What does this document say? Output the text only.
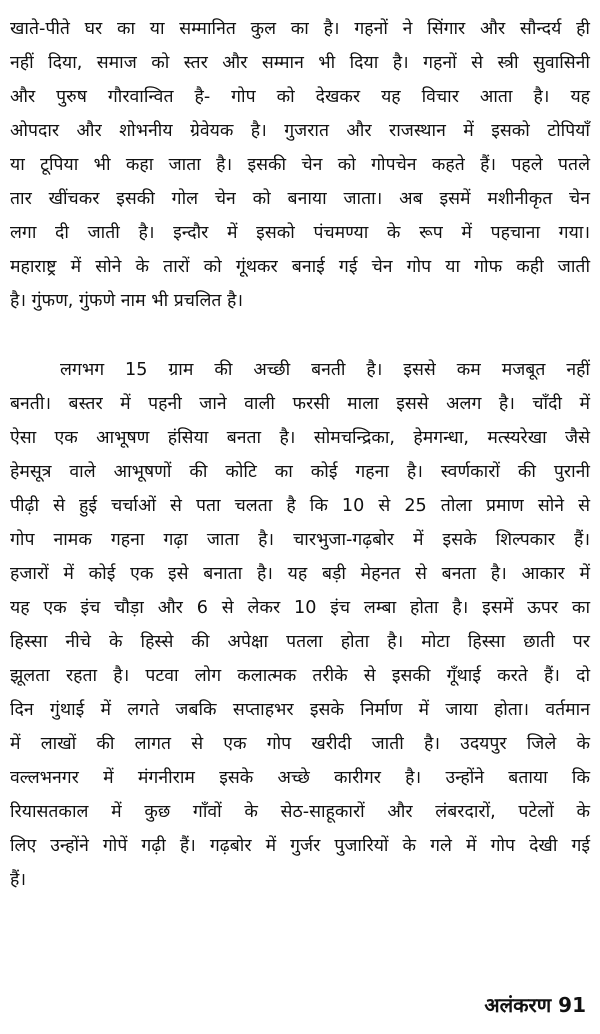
खाते-पीते घर का या सम्मानित कुल का है। गहनों ने सिंगार और सौन्दर्य ही
नहीं दिया, समाज को स्तर और सम्मान भी दिया है। गहनों से स्त्री सुवासिनी
और पुरुष गौरवान्वित है- गोप को देखकर यह विचार आता है। यह
ओपदार और शोभनीय ग्रेवेयक है। गुजरात और राजस्थान में इसको टोपियाँ
या टूपिया भी कहा जाता है। इसकी चेन को गोपचेन कहते हैं। पहले पतले
तार खींचकर इसकी गोल चेन को बनाया जाता। अब इसमें मशीनीकृत चेन
लगा दी जाती है। इन्दौर में इसको पंचमण्या के रूप में पहचाना गया।
महाराष्ट्र में सोने के तारों को गूंथकर बनाई गई चेन गोप या गोफ कही जाती
है। गुंफण, गुंफणे नाम भी प्रचलित है।
लगभग 15 ग्राम की अच्छी बनती है। इससे कम मजबूत नहीं
बनती। बस्तर में पहनी जाने वाली फरसी माला इससे अलग है। चाँदी में
ऐसा एक आभूषण हंसिया बनता है। सोमचन्द्रिका, हेमगन्धा, मत्स्यरेखा जैसे
हेमसूत्र वाले आभूषणों की कोटि का कोई गहना है। स्वर्णकारों की पुरानी
पीढ़ी से हुई चर्चाओं से पता चलता है कि 10 से 25 तोला प्रमाण सोने से
गोप नामक गहना गढ़ा जाता है। चारभुजा-गढ़बोर में इसके शिल्पकार हैं।
हजारों में कोई एक इसे बनाता है। यह बड़ी मेहनत से बनता है। आकार में
यह एक इंच चौड़ा और 6 से लेकर 10 इंच लम्बा होता है। इसमें ऊपर का
हिस्सा नीचे के हिस्से की अपेक्षा पतला होता है। मोटा हिस्सा छाती पर
झूलता रहता है। पटवा लोग कलात्मक तरीके से इसकी गूँथाई करते हैं। दो
दिन गुंथाई में लगते जबकि सप्ताहभर इसके निर्माण में जाया होता। वर्तमान
में लाखों की लागत से एक गोप खरीदी जाती है। उदयपुर जिले के
वल्लभनगर में मंगनीराम इसके अच्छे कारीगर है। उन्होंने बताया कि
रियासतकाल में कुछ गाँवों के सेठ-साहूकारों और लंबरदारों, पटेलों के
लिए उन्होंने गोपें गढ़ी हैं। गढ़बोर में गुर्जर पुजारियों के गले में गोप देखी गई
हैं।
अलंकरण 91
